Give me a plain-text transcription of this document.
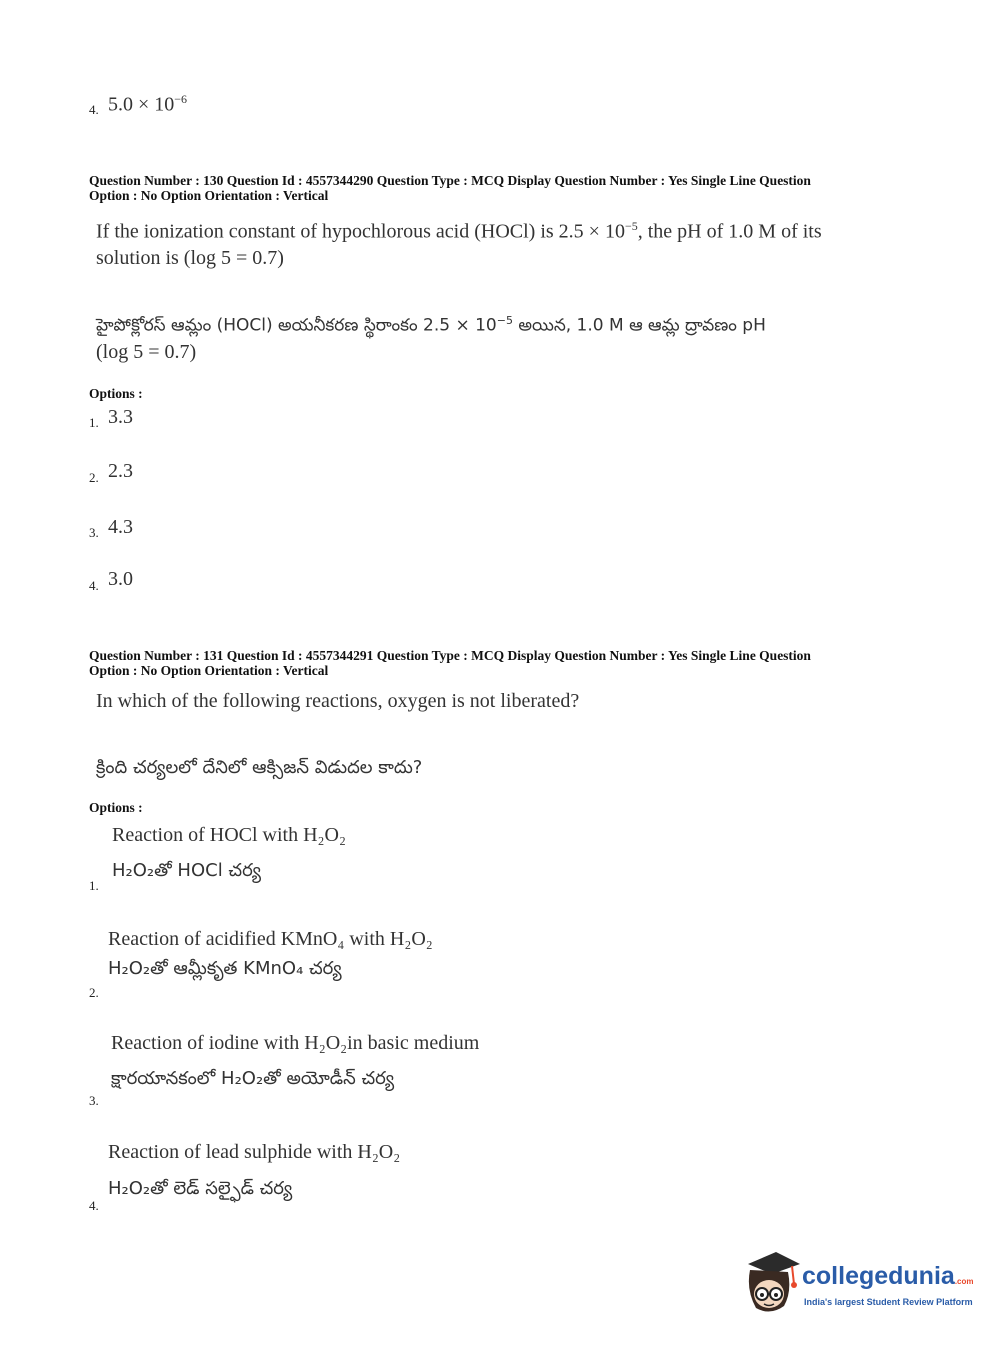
4. $5.0 \times 10^{-6}$
Question Number : 130 Question Id : 4557344290 Question Type : MCQ Display Question Number : Yes Single Line Question
Option : No Option Orientation : Vertical
If the ionization constant of hypochlorous acid (HOCl) is $2.5 \times 10^{-5}$, the pH of 1.0 M of its
solution is (log 5 = 0.7)
హైపోక్లోరస్ ఆమ్లం (HOCl) అయనీకరణ స్థిరాంకం $2.5 \times 10^{-5}$ అయిన, 1.0 M ఆ ఆమ్ల ద్రావణం pH
(log 5 = 0.7)
Options :
1. 3.3
2. 2.3
3. 4.3
4. 3.0
Question Number : 131 Question Id : 4557344291 Question Type : MCQ Display Question Number : Yes Single Line Question
Option : No Option Orientation : Vertical
In which of the following reactions, oxygen is not liberated?
క్రింది చర్యలలో దేనిలో ఆక్సిజన్ విడుదల కాదు?
Options :
Reaction of HOCl with H₂O₂
H₂O₂తో HOCl చర్య
1.
Reaction of acidified KMnO₄ with H₂O₂
H₂O₂తో ఆమ్లీకృత KMnO₄ చర్య
2.
Reaction of iodine with H₂O₂in basic medium
క్షారయానకంలో H₂O₂తో అయోడీన్ చర్య
3.
Reaction of lead sulphide with H₂O₂
H₂O₂తో లెడ్ సల్ఫైడ్ చర్య
4.
collegedunia.com
India's largest Student Review Platform
